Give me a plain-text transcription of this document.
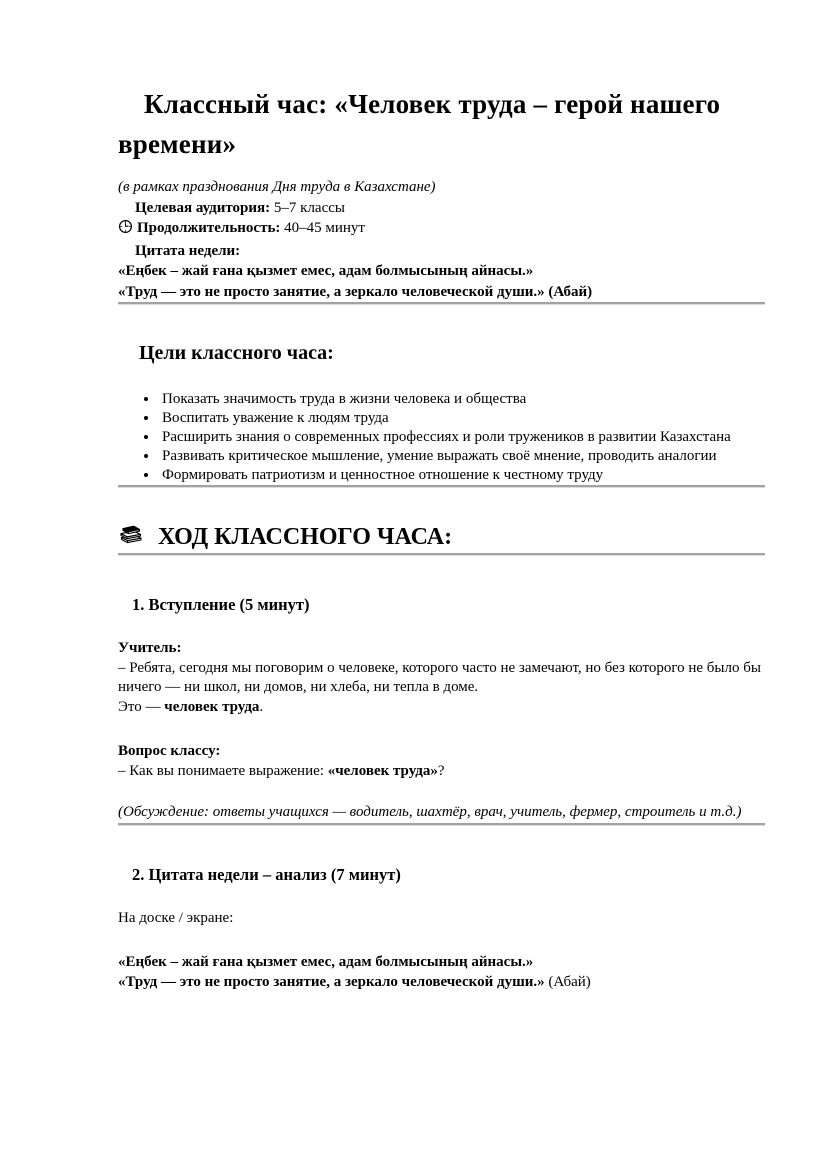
Классный час: «Человек труда – герой нашего времени»
(в рамках празднования Дня труда в Казахстане)
Целевая аудитория: 5–7 классы
Продолжительность: 40–45 минут
Цитата недели:
«Еңбек – жай ғана қызмет емес, адам болмысының айнасы.»
«Труд — это не просто занятие, а зеркало человеческой души.» (Абай)
Цели классного часа:
• Показать значимость труда в жизни человека и общества
• Воспитать уважение к людям труда
• Расширить знания о современных профессиях и роли тружеников в развитии Казахстана
• Развивать критическое мышление, умение выражать своё мнение, проводить аналогии
• Формировать патриотизм и ценностное отношение к честному труду
ХОД КЛАССНОГО ЧАСА:
1. Вступление (5 минут)
Учитель:
– Ребята, сегодня мы поговорим о человеке, которого часто не замечают, но без которого не было бы ничего — ни школ, ни домов, ни хлеба, ни тепла в доме.
Это — человек труда.
Вопрос классу:
– Как вы понимаете выражение: «человек труда»?
(Обсуждение: ответы учащихся — водитель, шахтёр, врач, учитель, фермер, строитель и т.д.)
2. Цитата недели – анализ (7 минут)
На доске / экране:
«Еңбек – жай ғана қызмет емес, адам болмысының айнасы.»
«Труд — это не просто занятие, а зеркало человеческой души.» (Абай)
